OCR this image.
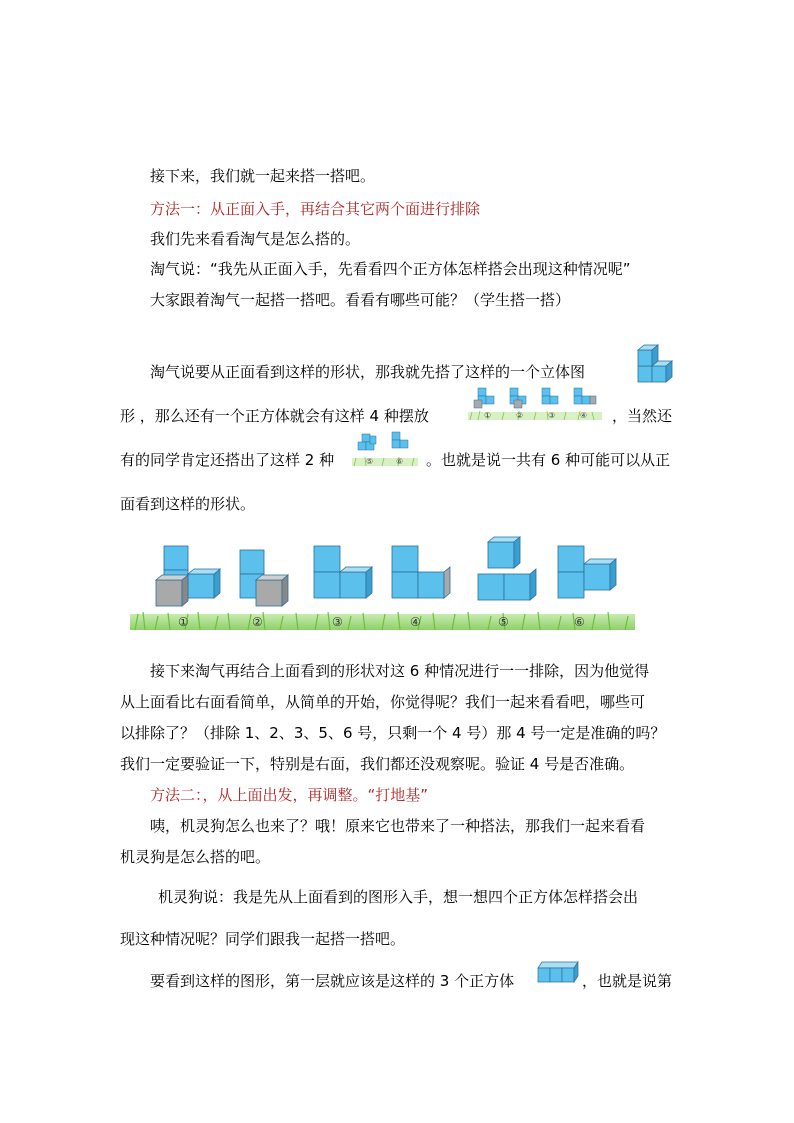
接下来，我们就一起来搭一搭吧。
方法一：从正面入手，再结合其它两个面进行排除
我们先来看看淘气是怎么搭的。
淘气说：“我先从正面入手，先看看四个正方体怎样搭会出现这种情况呢”
大家跟着淘气一起搭一搭吧。看看有哪些可能？（学生搭一搭）
淘气说要从正面看到这样的形状，那我就先搭了这样的一个立体图
形 ，那么还有一个正方体就会有这样 4 种摆放	①	②	③	④ ，当然还
有的同学肯定还搭出了这样 2 种	⑤	⑥ 。也就是说一共有 6 种可能可以从正
面看到这样的形状。
①	②	③	④	⑤	⑥
接下来淘气再结合上面看到的形状对这 6 种情况进行一一排除，因为他觉得
从上面看比右面看简单，从简单的开始，你觉得呢？我们一起来看看吧，哪些可
以排除了？（排除 1、2、3、5、6 号，只剩一个 4 号）那 4 号一定是准确的吗？
我们一定要验证一下，特别是右面，我们都还没观察呢。验证 4 号是否准确。
方法二：，从上面出发，再调整。“打地基”
咦，机灵狗怎么也来了？哦！原来它也带来了一种搭法，那我们一起来看看
机灵狗是怎么搭的吧。
机灵狗说：我是先从上面看到的图形入手，想一想四个正方体怎样搭会出
现这种情况呢？同学们跟我一起搭一搭吧。
要看到这样的图形，第一层就应该是这样的 3 个正方体	，也就是说第
